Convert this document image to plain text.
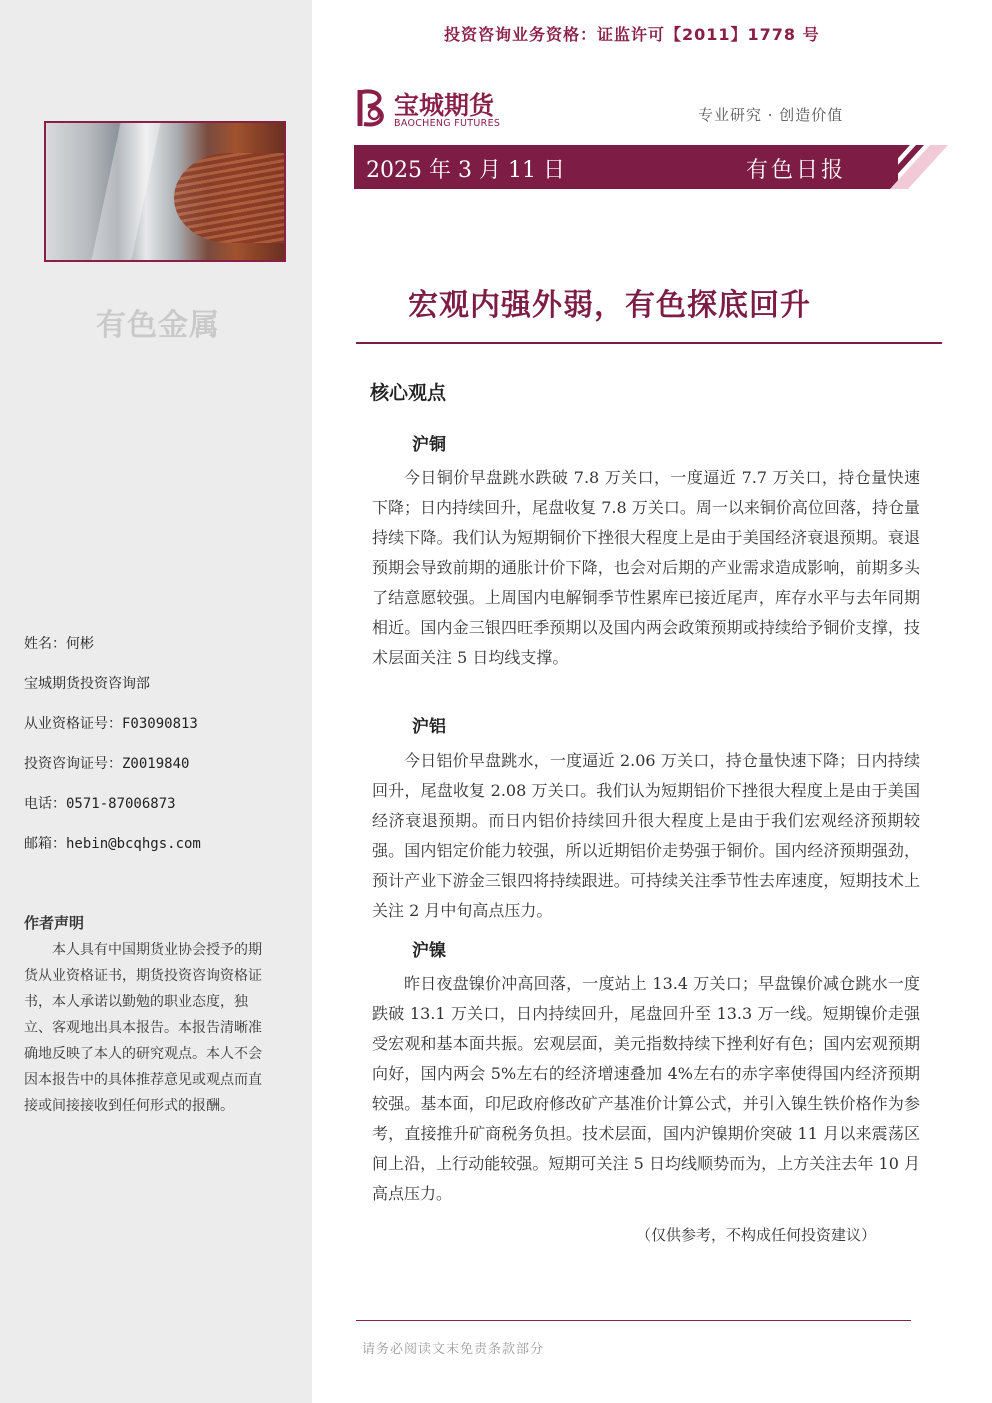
有色金属
姓名：何彬
宝城期货投资咨询部
从业资格证号：F03090813
投资咨询证号：Z0019840
电话：0571-87006873
邮箱：hebin@bcqhgs.com
作者声明
本人具有中国期货业协会授予的期货从业资格证书，期货投资咨询资格证书，本人承诺以勤勉的职业态度，独立、客观地出具本报告。本报告清晰准确地反映了本人的研究观点。本人不会因本报告中的具体推荐意见或观点而直接或间接接收到任何形式的报酬。
投资咨询业务资格：证监许可【2011】1778 号
宝城期货
BAOCHENG FUTURES	专业研究 · 创造价值
2025 年 3 月 11 日	有色日报
宏观内强外弱，有色探底回升
核心观点
沪铜
今日铜价早盘跳水跌破 7.8 万关口，一度逼近 7.7 万关口，持仓量快速下降；日内持续回升，尾盘收复 7.8 万关口。周一以来铜价高位回落，持仓量持续下降。我们认为短期铜价下挫很大程度上是由于美国经济衰退预期。衰退预期会导致前期的通胀计价下降，也会对后期的产业需求造成影响，前期多头了结意愿较强。上周国内电解铜季节性累库已接近尾声，库存水平与去年同期相近。国内金三银四旺季预期以及国内两会政策预期或持续给予铜价支撑，技术层面关注 5 日均线支撑。
沪铝
今日铝价早盘跳水，一度逼近 2.06 万关口，持仓量快速下降；日内持续回升，尾盘收复 2.08 万关口。我们认为短期铝价下挫很大程度上是由于美国经济衰退预期。而日内铝价持续回升很大程度上是由于我们宏观经济预期较强。国内铝定价能力较强，所以近期铝价走势强于铜价。国内经济预期强劲，预计产业下游金三银四将持续跟进。可持续关注季节性去库速度，短期技术上关注 2 月中旬高点压力。
沪镍
昨日夜盘镍价冲高回落，一度站上 13.4 万关口；早盘镍价减仓跳水一度跌破 13.1 万关口，日内持续回升，尾盘回升至 13.3 万一线。短期镍价走强受宏观和基本面共振。宏观层面，美元指数持续下挫利好有色；国内宏观预期向好，国内两会 5%左右的经济增速叠加 4%左右的赤字率使得国内经济预期较强。基本面，印尼政府修改矿产基准价计算公式，并引入镍生铁价格作为参考，直接推升矿商税务负担。技术层面，国内沪镍期价突破 11 月以来震荡区间上沿，上行动能较强。短期可关注 5 日均线顺势而为，上方关注去年 10 月高点压力。
（仅供参考，不构成任何投资建议）
请务必阅读文末免责条款部分
